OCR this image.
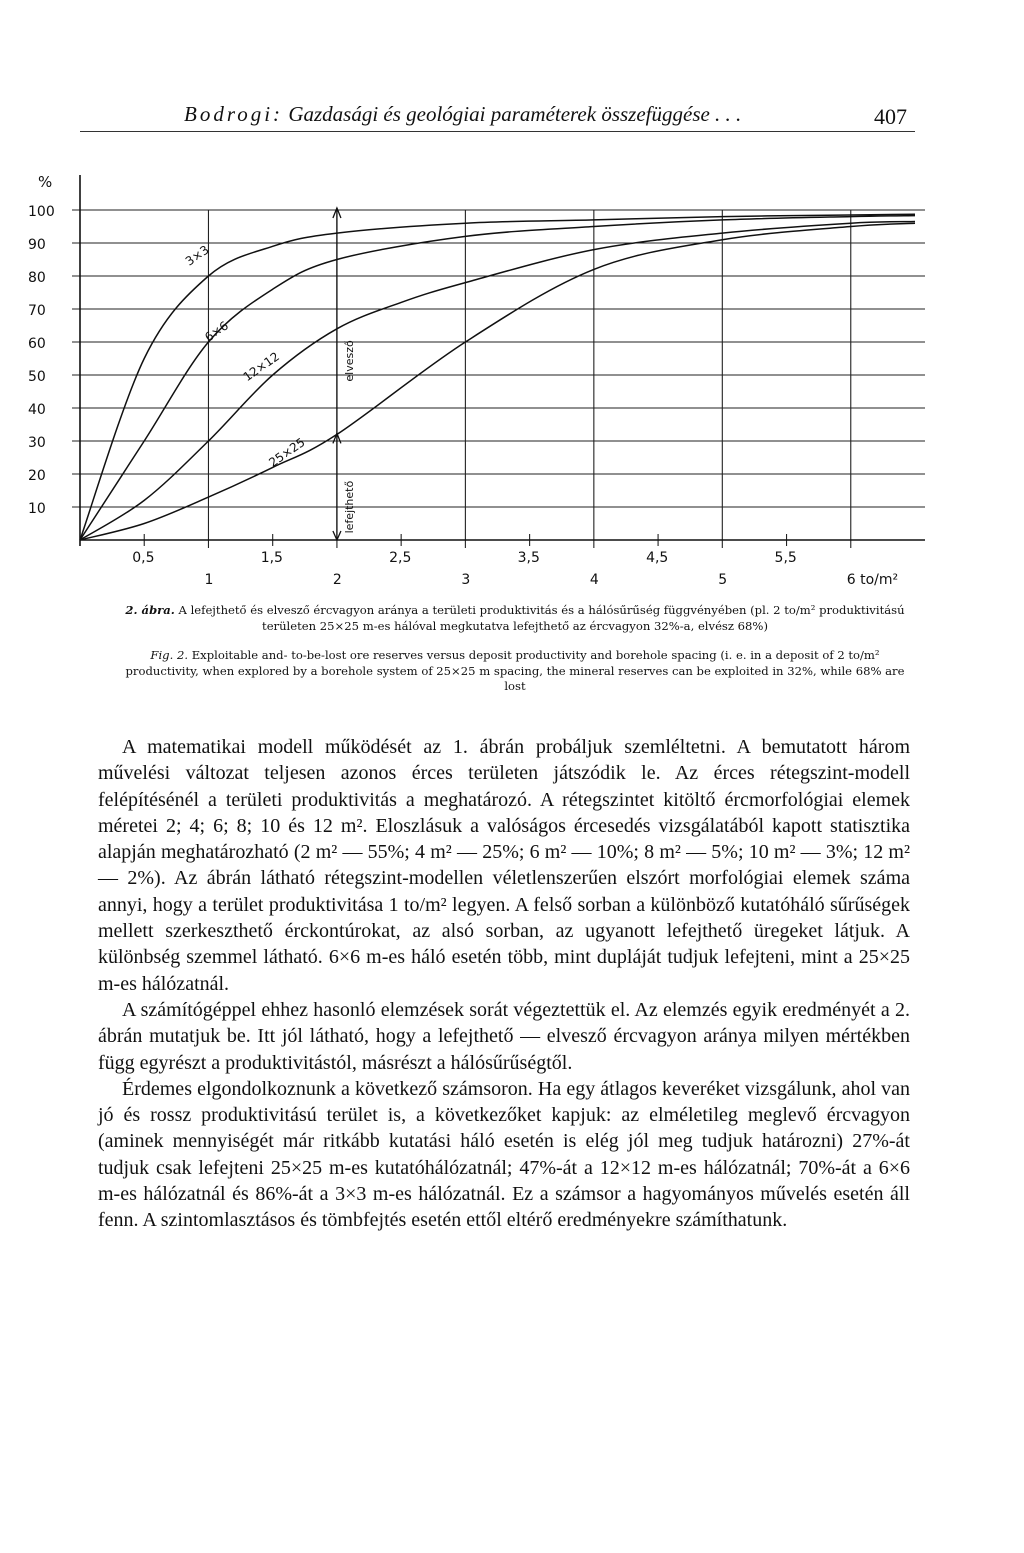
Bodrogi: Gazdasági és geológiai paraméterek összefüggése . . .	407
100
90
80
70
60
50
40
30
20
10
0,5	1,5	2,5	3,5	4,5	5,5
1	2	3	4	5	6 to/m²
3×3
6×6
12×12
25×25
elvesző
lefejthető
%
2. ábra. A lefejthető és elvesző ércvagyon aránya a területi produktivitás és a hálósűrűség függvényében (pl. 2 to/m² produktivitású területen 25×25 m-es hálóval megkutatva lefejthető az ércvagyon 32%-a, elvész 68%)
Fig. 2. Exploitable and- to-be-lost ore reserves versus deposit productivity and borehole spacing (i. e. in a deposit of 2 to/m² productivity, when explored by a borehole system of 25×25 m spacing, the mineral reserves can be exploited in 32%, while 68% are lost

A matematikai modell működését az 1. ábrán probáljuk szemléltetni. A bemutatott három művelési változat teljesen azonos érces területen játszódik le. Az érces rétegszint-modell felépítésénél a területi produktivitás a meghatározó. A rétegszintet kitöltő érсmorfológiai elemek méretei 2; 4; 6; 8; 10 és 12 m². Eloszlásuk a valóságos ércesedés vizsgálatából kapott statisztika alapján meghatározható (2 m² — 55%; 4 m² — 25%; 6 m² — 10%; 8 m² — 5%; 10 m² — 3%; 12 m² — 2%). Az ábrán látható rétegszint-modellen véletlenszerűen elszórt morfológiai elemek száma annyi, hogy a terület produktivitása 1 to/m² legyen. A felső sorban a különböző kutatóháló sűrűségek mellett szerkeszthető érckontúrokat, az alsó sorban, az ugyanott lefejthető üregeket látjuk. A különbség szemmel látható. 6×6 m-es háló esetén több, mint dupláját tudjuk lefejteni, mint a 25×25 m-es hálózatnál.

A számítógéppel ehhez hasonló elemzések sorát végeztettük el. Az elemzés egyik eredményét a 2. ábrán mutatjuk be. Itt jól látható, hogy a lefejthető — elvesző ércvagyon aránya milyen mértékben függ egyrészt a produktivitástól, másrészt a hálósűrűségtől.

Érdemes elgondolkoznunk a következő számsoron. Ha egy átlagos keveréket vizsgálunk, ahol van jó és rossz produktivitású terület is, a következőket kapjuk: az elméletileg meglevő ércvagyon (aminek mennyiségét már ritkább kutatási háló esetén is elég jól meg tudjuk határozni) 27%-át tudjuk csak lefejteni 25×25 m-es kutatóhálózatnál; 47%-át a 12×12 m-es hálózatnál; 70%-át a 6×6 m-es hálózatnál és 86%-át a 3×3 m-es hálózatnál. Ez a számsor a hagyományos művelés esetén áll fenn. A szintomlasztásos és tömbfejtés esetén ettől eltérő eredményekre számíthatunk.
